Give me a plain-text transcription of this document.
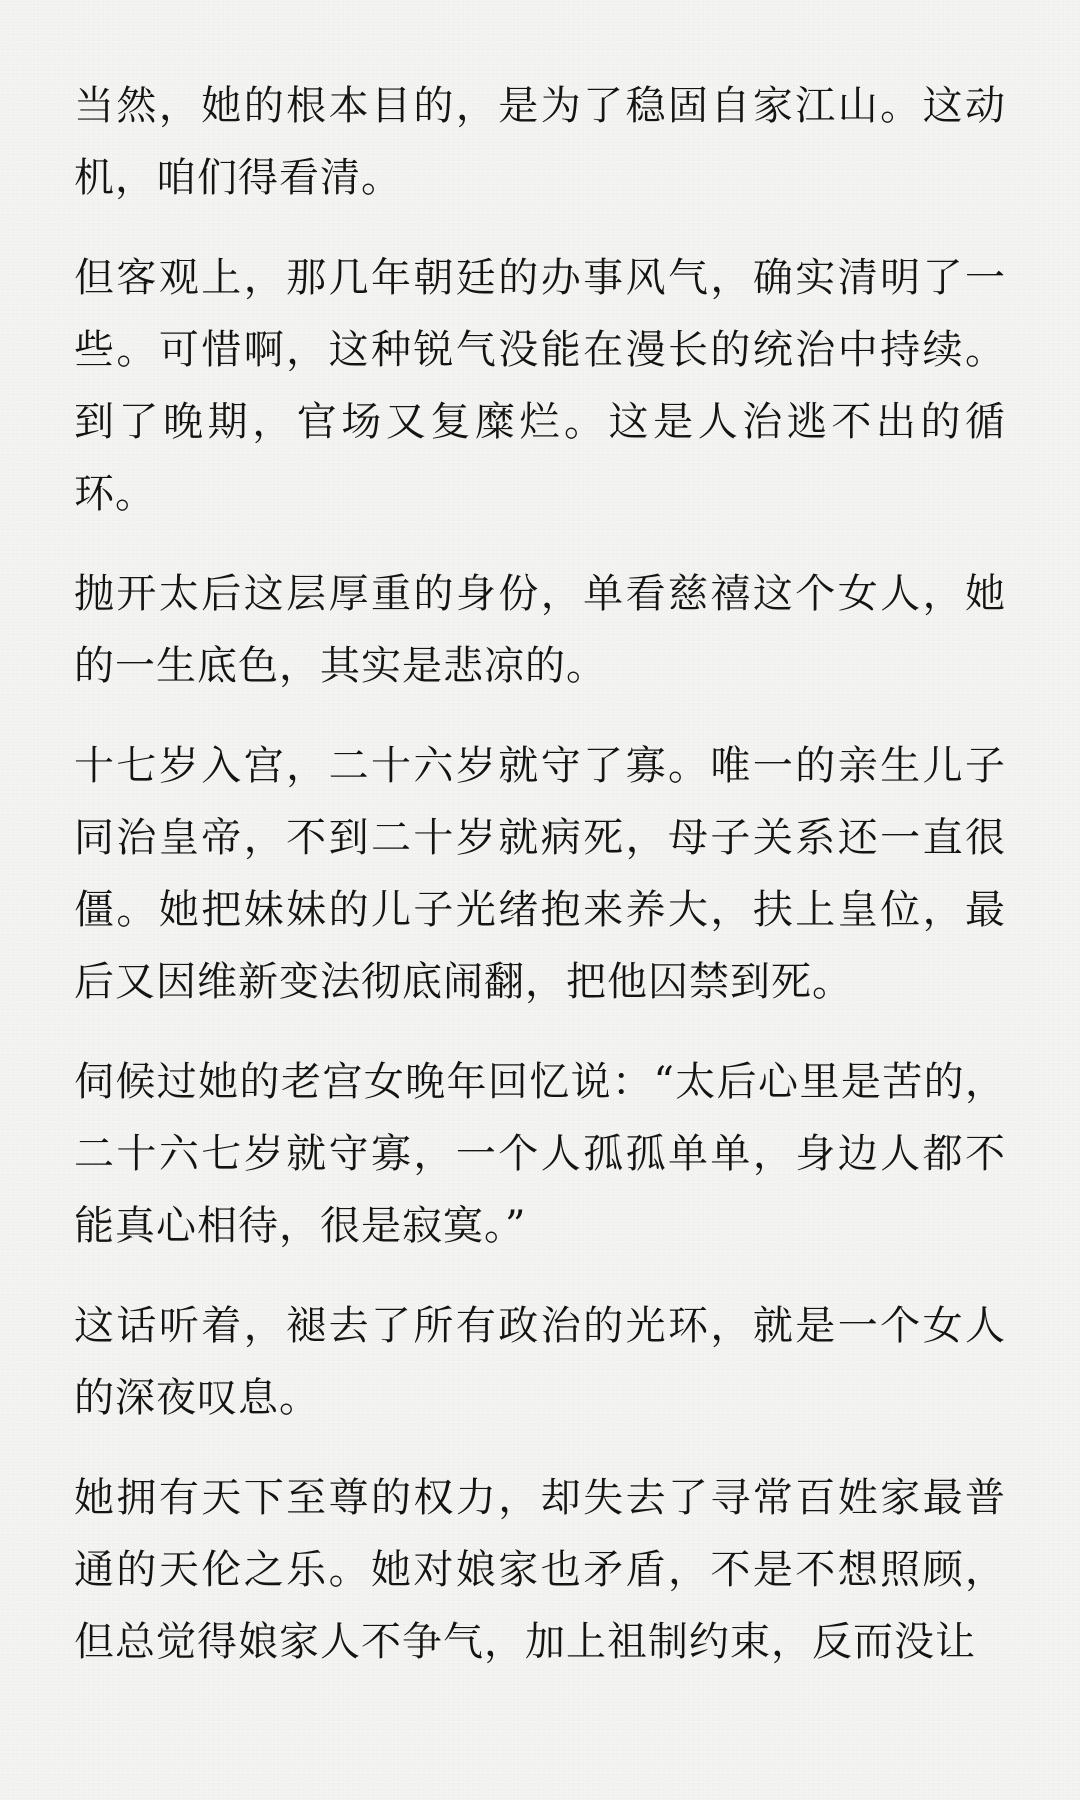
当然，她的根本目的，是为了稳固自家江山。这动机，咱们得看清。

但客观上，那几年朝廷的办事风气，确实清明了一些。可惜啊，这种锐气没能在漫长的统治中持续。到了晚期，官场又复糜烂。这是人治逃不出的循环。

抛开太后这层厚重的身份，单看慈禧这个女人，她的一生底色，其实是悲凉的。

十七岁入宫，二十六岁就守了寡。唯一的亲生儿子同治皇帝，不到二十岁就病死，母子关系还一直很僵。她把妹妹的儿子光绪抱来养大，扶上皇位，最后又因维新变法彻底闹翻，把他囚禁到死。

伺候过她的老宫女晚年回忆说：“太后心里是苦的，二十六七岁就守寡，一个人孤孤单单，身边人都不能真心相待，很是寂寞。”

这话听着，褪去了所有政治的光环，就是一个女人的深夜叹息。

她拥有天下至尊的权力，却失去了寻常百姓家最普通的天伦之乐。她对娘家也矛盾，不是不想照顾，但总觉得娘家人不争气，加上祖制约束，反而没让
